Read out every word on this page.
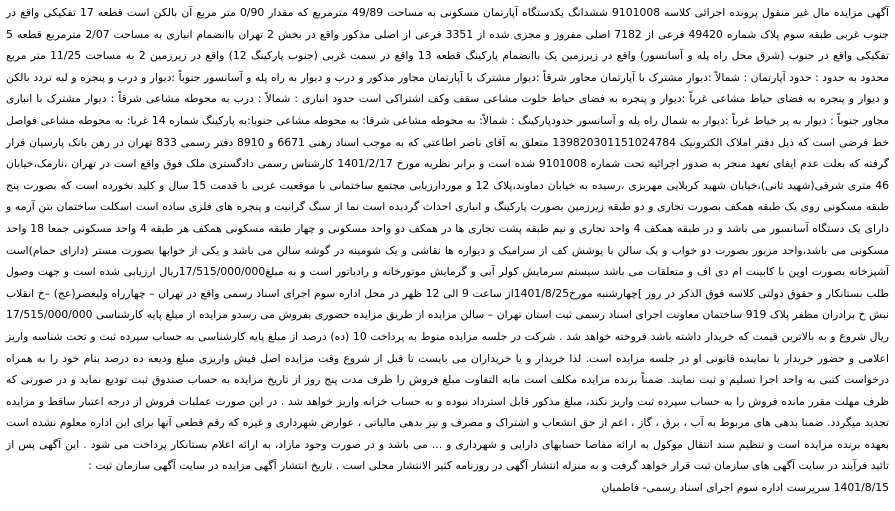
آگهی مزایده مال غیر منقول پرونده اجرائی کلاسه 9101008 ششدانگ یکدستگاه آپارتمان مسکونی به مساحت 49/89 مترمربع که مقدار 0/90 متر مربع آن بالکن است قطعه 17 تفکیکی واقع در جنوب غربی طبقه سوم پلاک شماره 49420 فرعی از 7182 اصلی مفروز و مجزی شده از 3351 فرعی از اصلی مذکور واقع در بخش 2 تهران باانضمام انباری به مساحت 2/07 مترمربع قطعه 5 تفکیکی واقع در جنوب (شرق محل راه پله و آسانسور) واقع در زیرزمین یک باانضمام پارکینگ قطعه 13 واقع در سمت غربی (جنوب پارکینگ 12) واقع در زیرزمین 2 به مساحت 11/25 متر مربع محدود به حدود : حدود آپارتمان : شمالاً :دیوار مشترک با آپارتمان مجاور شرقاً :دیوار مشترک با آپارتمان مجاور مذکور و درب و دیوار به راه پله و آسانسور جنوباً :دیوار و درب و پنجره و لبه تردد بالکن و دیوار و پنجره به فضای حیاط مشاعی غرباً :دیوار و پنجره به فضای حیاط خلوت مشاعی سقف وکف اشتراکی است حدود انباری : شمالاً : درب به محوطه مشاعی شرقاً : دیوار مشترک با انباری مجاور جنوباً : دیوار به پر خیاط غرباً :دیوار به شمال راه پله و آسانسور حدودپارکینگ : شمالاً: به محوطه مشاعی شرقا: به محوطه مشاعی جنوبا:به پارکینگ شماره 14 غربا: به محوطه مشاعی فواصل خط فرضی است که ذیل دفتر املاک الکترونیک 139820301151024784 متعلق به آقای ناصر اطاعتی که به موجب اسناد رهنی 6671 و 8910 دفتر رسمی 833 تهران در رهن بانک پارسیان قرار گرفته که بعلت عدم ایفای تعهد منجر به صدور اجرائیه تحت شماره 9101008 شده است و برابر نظریه مورخ 1401/2/17 کارشناس رسمی دادگستری ملک فوق واقع است در تهران ،نارمک،خیابان 46 متری شرقی(شهید ثانی)،خیابان شهید کربلایی مهربزی ،رسیده به خیابان دماوند،پلاک 12 و موردارزیابی مجتمع ساختمانی با موقعیت غربی با قدمت 15 سال و کلید نخورده است که بصورت پنج طبقه مسکونی روی یک طبقه همکف بصورت تجاری و دو طبقه زیرزمین بصورت پارکینگ و انباری احداث گردیده است نما از سنگ گرانیت و پنجره های فلزی ساده است اسکلت ساختمان بتن آرمه و دارای یک دستگاه آسانسور می باشد و در طبقه همکف 4 واحد تجاری و نیم طبقه پشت تجاری ها در همکف دو واحد مسکونی و چهار طبقه مسکونی همکف هر طبقه 4 واحد مسکونی جمعا 18 واحد مسکونی می باشد،واحد مزبور بصورت دو خواب و یک سالن با پوشش کف از سرامیک و دیواره ها نقاشی و یک شومینه در گوشه سالن می باشد و یکی از خوابها بصورت مستر (دارای حمام)است آشپزخانه بصورت اوپن با کابینت ام دی اف و متعلقات می باشد سیستم سرمایش کولر آبی و گرمایش موتورخانه و رادیاتور است و به مبلغ17/515/000/000ریال ارزیابی شده است و جهت وصول طلب بستانکار و حقوق دولتی کلاسه فوق الذکر در روز ]چهارشنبه مورخ1401/8/25از ساعت 9 الی 12 ظهر در محل اداره سوم اجرای اسناد رسمی واقع در تهران – چهارراه ولیعصر(عج) –خ انقلاب نبش خ برادران مظفر پلاک 919 ساختمان معاونت اجرای اسناد رسمی ثبت استان تهران – سالن مزایده از طریق مزایده حضوری بفروش می رسدو مزایده از مبلغ پایه کارشناسی 17/515/000/000 ریال شروع و به بالاترین قیمت که خریدار داشته باشد فروخته خواهد شد . شرکت در جلسه مزایده منوط به پرداخت 10 (ده) درصد از مبلغ پایه کارشناسی به حساب سپرده ثبت و تحت شناسه واریز اعلامی و حضور خریدار یا نماینده قانونی او در جلسه مزایده است. لذا خریدار و یا خریداران می بایست تا قبل از شروع وقت مزایده اصل فیش واریزی مبلغ ودیعه ده درصد بنام خود را به همراه درخواست کتبی به واحد اجرا تسلیم و ثبت نمایند. ضمناً برنده مزایده مکلف است مابه التفاوت مبلغ فروش را ظرف مدت پنج روز از تاریخ مزایده به حساب صندوق ثبت تودیع نماید و در صورتی که ظرف مهلت مقرر مانده فروش را به حساب سپرده ثبت واریز نکند، مبلغ مذکور قابل استرداد نبوده و به حساب خزانه واریز خواهد شد . در این صورت عملیات فروش از درجه اعتبار ساقط و مزایده تجدید میگردد. ضمنا بدهی های مربوط به آب ، برق ، گاز ، اعم از حق انشعاب و اشتراک و مصرف و نیز بدهی مالیاتی ، عوارض شهرداری و غیره که رقم قطعی آنها برای این اداره معلوم نشده است بعهده برنده مزایده است و تنظیم سند انتقال موکول به ارائه مفاصا حسابهای دارایی و شهرداری و ... می باشد و در صورت وجود مازاد، به ارائه اعلام بستانکار پرداخت می شود . این آگهی پس از تائید فرآیند در سایت آگهی های سازمان ثبت قرار خواهد گرفت و به منزله انتشار آگهی در روزنامه کثیر الانتشار محلی است . تاریخ انتشار آگهی مزایده در سایت آگهی سازمان ثبت :

1401/8/15 سرپرست اداره سوم اجرای اسناد رسمی- فاطمیان
